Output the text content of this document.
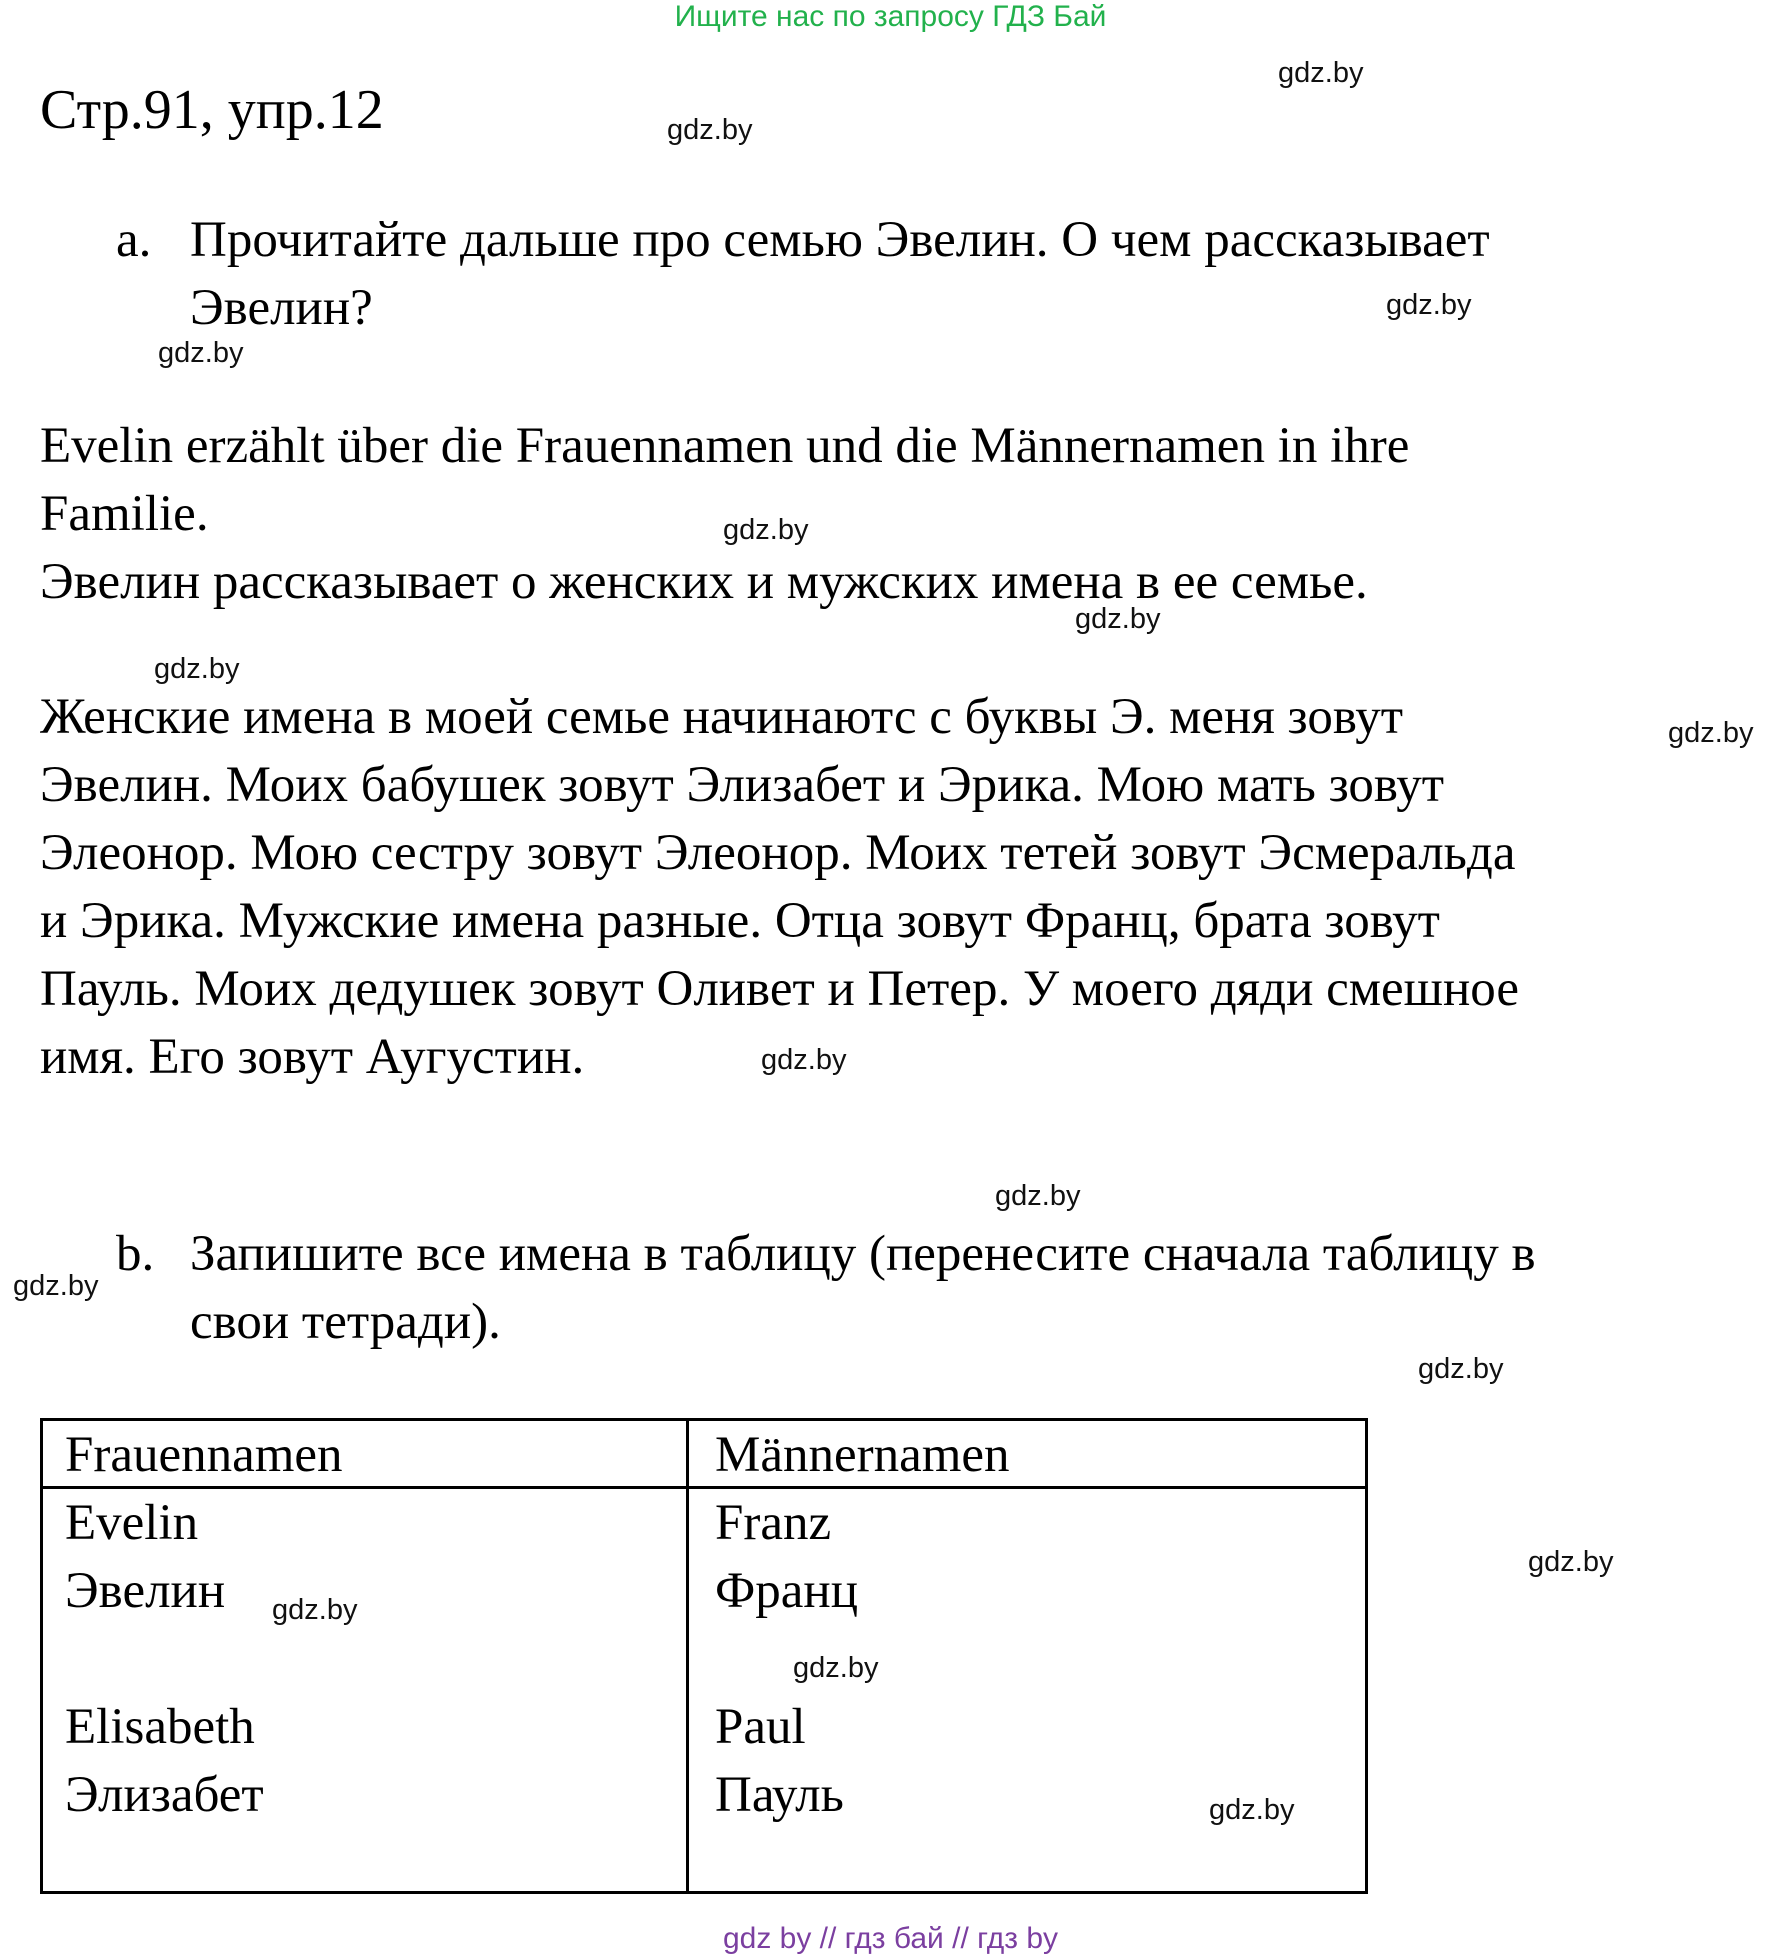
Ищите нас по запросу ГДЗ Бай
Стр.91, упр.12
a. Прочитайте дальше про семью Эвелин. О чем рассказывает
Эвелин?
Evelin erzählt über die Frauennamen und die Männernamen in ihre
Familie.
Эвелин рассказывает о женских и мужских имена в ее семье.
Женские имена в моей семье начинаютс с буквы Э. меня зовут
Эвелин. Моих бабушек зовут Элизабет и Эрика. Мою мать зовут
Элеонор. Мою сестру зовут Элеонор. Моих тетей зовут Эсмеральда
и Эрика. Мужские имена разные. Отца зовут Франц, брата зовут
Пауль. Моих дедушек зовут Оливет и Петер. У моего дяди смешное
имя. Его зовут Аугустин.
b. Запишите все имена в таблицу (перенесите сначала таблицу в
свои тетради).
Frauennamen	Männernamen
Evelin
Эвелин
Elisabeth
Элизабет
Franz
Франц
Paul
Пауль
gdz.by
gdz.by
gdz.by
gdz.by
gdz.by
gdz.by
gdz.by
gdz.by
gdz.by
gdz.by
gdz.by
gdz.by
gdz.by
gdz.by
gdz.by
gdz.by
gdz by // гдз бай // гдз by
